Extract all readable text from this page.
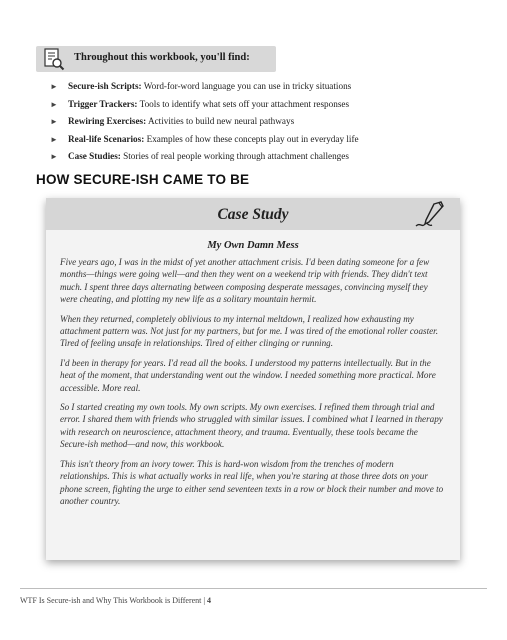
Throughout this workbook, you'll find:
► Secure-ish Scripts: Word-for-word language you can use in tricky situations
► Trigger Trackers: Tools to identify what sets off your attachment responses
► Rewiring Exercises: Activities to build new neural pathways
► Real-life Scenarios: Examples of how these concepts play out in everyday life
► Case Studies: Stories of real people working through attachment challenges
HOW SECURE-ISH CAME TO BE
Case Study
My Own Damn Mess

Five years ago, I was in the midst of yet another attachment crisis. I'd been dating someone for a few months—things were going well—and then they went on a weekend trip with friends. They didn't text much. I spent three days alternating between composing desperate messages, convincing myself they were cheating, and plotting my new life as a solitary mountain hermit.

When they returned, completely oblivious to my internal meltdown, I realized how exhausting my attachment pattern was. Not just for my partners, but for me. I was tired of the emotional roller coaster. Tired of feeling unsafe in relationships. Tired of either clinging or running.

I'd been in therapy for years. I'd read all the books. I understood my patterns intellectually. But in the heat of the moment, that understanding went out the window. I needed something more practical. More accessible. More real.

So I started creating my own tools. My own scripts. My own exercises. I refined them through trial and error. I shared them with friends who struggled with similar issues. I combined what I learned in therapy with research on neuroscience, attachment theory, and trauma. Eventually, these tools became the Secure-ish method—and now, this workbook.

This isn't theory from an ivory tower. This is hard-won wisdom from the trenches of modern relationships. This is what actually works in real life, when you're staring at those three dots on your phone screen, fighting the urge to either send seventeen texts in a row or block their number and move to another country.

WTF Is Secure-ish and Why This Workbook is Different | 4
